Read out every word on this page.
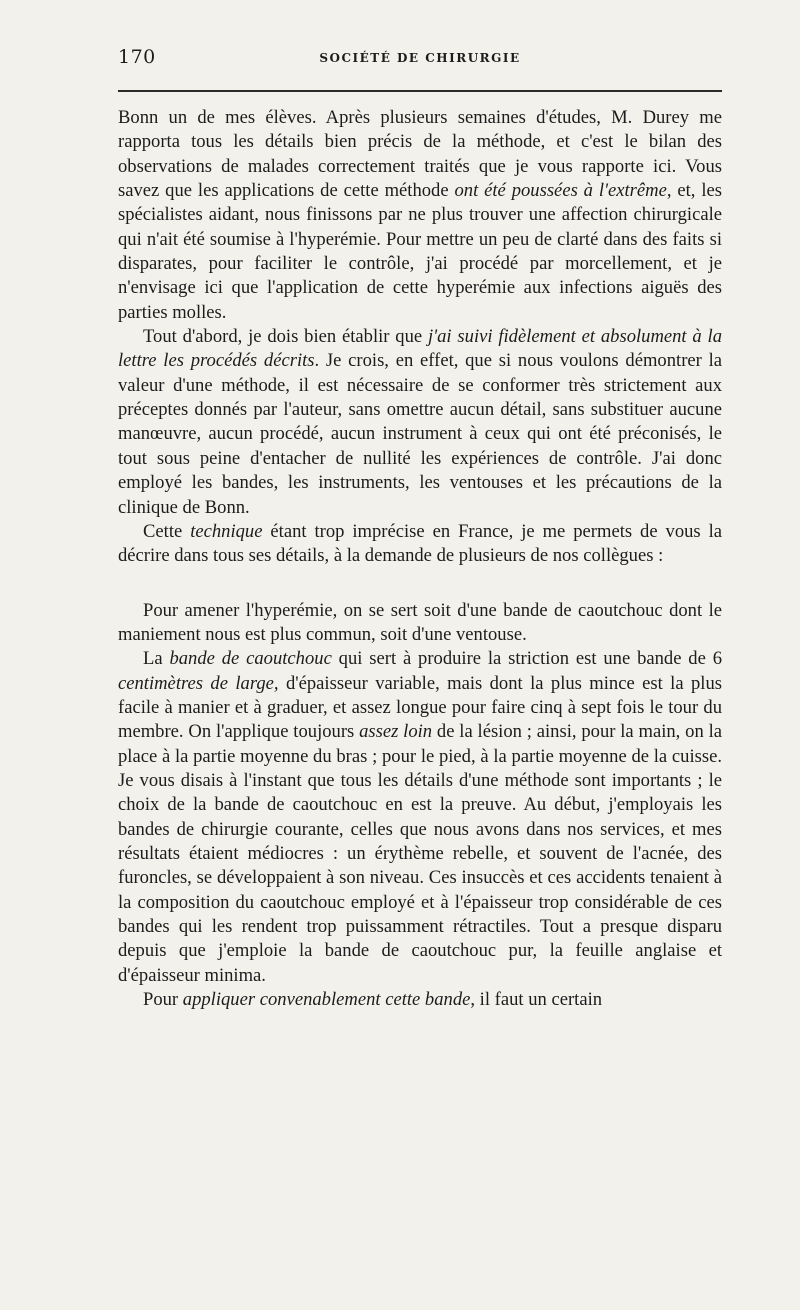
170	SOCIÉTÉ DE CHIRURGIE

Bonn un de mes élèves. Après plusieurs semaines d'études, M. Durey me rapporta tous les détails bien précis de la méthode, et c'est le bilan des observations de malades correctement traités que je vous rapporte ici. Vous savez que les applications de cette méthode ont été poussées à l'extrême, et, les spécialistes aidant, nous finissons par ne plus trouver une affection chirurgicale qui n'ait été soumise à l'hyperémie. Pour mettre un peu de clarté dans des faits si disparates, pour faciliter le contrôle, j'ai procédé par morcellement, et je n'envisage ici que l'application de cette hyperémie aux infections aiguës des parties molles.

Tout d'abord, je dois bien établir que j'ai suivi fidèlement et absolument à la lettre les procédés décrits. Je crois, en effet, que si nous voulons démontrer la valeur d'une méthode, il est nécessaire de se conformer très strictement aux préceptes donnés par l'auteur, sans omettre aucun détail, sans substituer aucune manœuvre, aucun procédé, aucun instrument à ceux qui ont été préconisés, le tout sous peine d'entacher de nullité les expériences de contrôle. J'ai donc employé les bandes, les instruments, les ventouses et les précautions de la clinique de Bonn.

Cette technique étant trop imprécise en France, je me permets de vous la décrire dans tous ses détails, à la demande de plusieurs de nos collègues :

Pour amener l'hyperémie, on se sert soit d'une bande de caoutchouc dont le maniement nous est plus commun, soit d'une ventouse.

La bande de caoutchouc qui sert à produire la striction est une bande de 6 centimètres de large, d'épaisseur variable, mais dont la plus mince est la plus facile à manier et à graduer, et assez longue pour faire cinq à sept fois le tour du membre. On l'applique toujours assez loin de la lésion ; ainsi, pour la main, on la place à la partie moyenne du bras ; pour le pied, à la partie moyenne de la cuisse. Je vous disais à l'instant que tous les détails d'une méthode sont importants ; le choix de la bande de caoutchouc en est la preuve. Au début, j'employais les bandes de chirurgie courante, celles que nous avons dans nos services, et mes résultats étaient médiocres : un érythème rebelle, et souvent de l'acnée, des furoncles, se développaient à son niveau. Ces insuccès et ces accidents tenaient à la composition du caoutchouc employé et à l'épaisseur trop considérable de ces bandes qui les rendent trop puissamment rétractiles. Tout a presque disparu depuis que j'emploie la bande de caoutchouc pur, la feuille anglaise et d'épaisseur minima.

Pour appliquer convenablement cette bande, il faut un certain
